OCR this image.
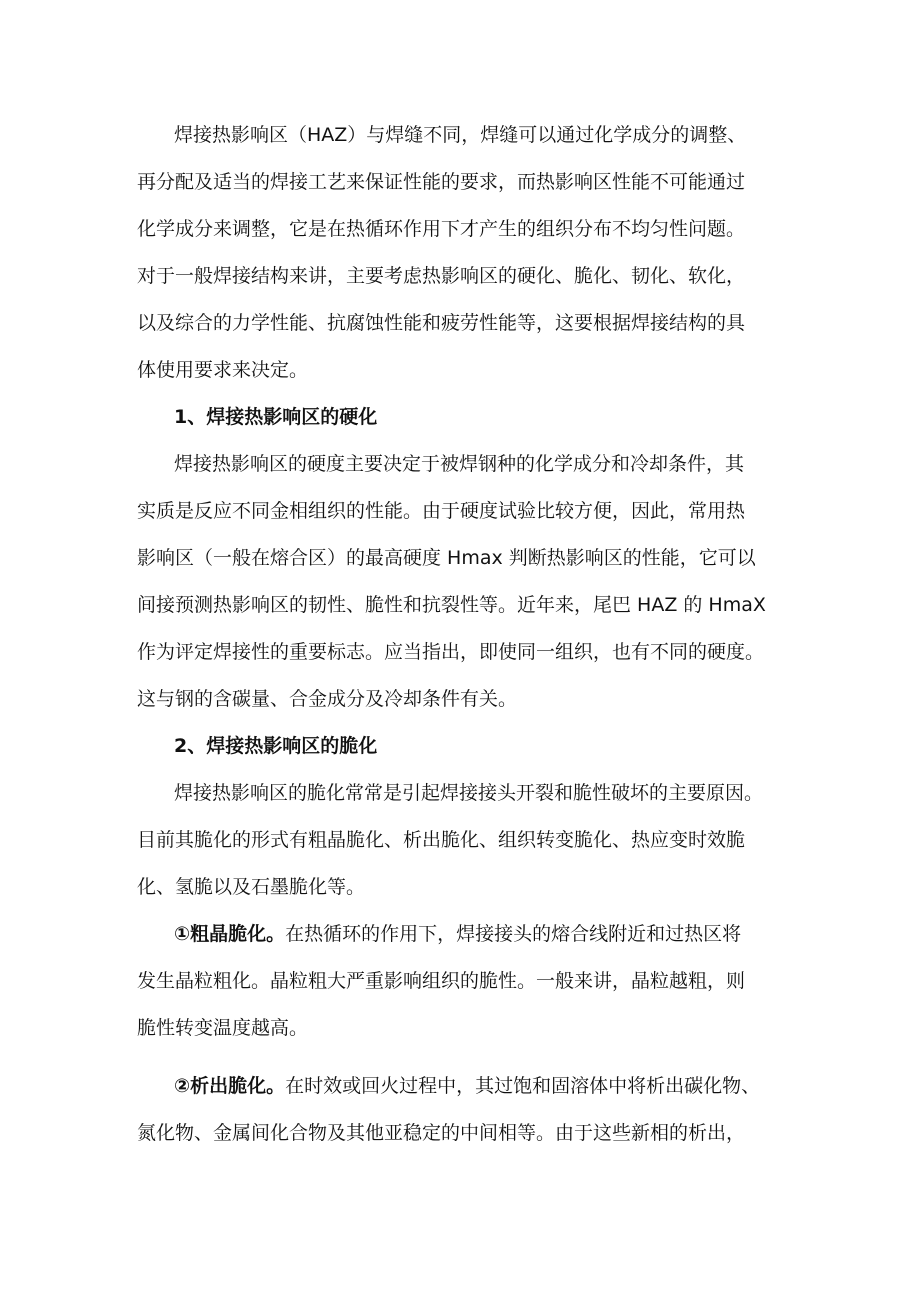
焊接热影响区（HAZ）与焊缝不同，焊缝可以通过化学成分的调整、
再分配及适当的焊接工艺来保证性能的要求，而热影响区性能不可能通过
化学成分来调整，它是在热循环作用下才产生的组织分布不均匀性问题。
对于一般焊接结构来讲，主要考虑热影响区的硬化、脆化、韧化、软化，
以及综合的力学性能、抗腐蚀性能和疲劳性能等，这要根据焊接结构的具
体使用要求来决定。
1、焊接热影响区的硬化
焊接热影响区的硬度主要决定于被焊钢种的化学成分和冷却条件，其
实质是反应不同金相组织的性能。由于硬度试验比较方便，因此，常用热
影响区（一般在熔合区）的最高硬度 Hmax 判断热影响区的性能，它可以
间接预测热影响区的韧性、脆性和抗裂性等。近年来，尾巴 HAZ 的 HmaX
作为评定焊接性的重要标志。应当指出，即使同一组织，也有不同的硬度。
这与钢的含碳量、合金成分及冷却条件有关。
2、焊接热影响区的脆化
焊接热影响区的脆化常常是引起焊接接头开裂和脆性破坏的主要原因。
目前其脆化的形式有粗晶脆化、析出脆化、组织转变脆化、热应变时效脆
化、氢脆以及石墨脆化等。
①粗晶脆化。在热循环的作用下，焊接接头的熔合线附近和过热区将
发生晶粒粗化。晶粒粗大严重影响组织的脆性。一般来讲，晶粒越粗，则
脆性转变温度越高。
②析出脆化。在时效或回火过程中，其过饱和固溶体中将析出碳化物、
氮化物、金属间化合物及其他亚稳定的中间相等。由于这些新相的析出，
